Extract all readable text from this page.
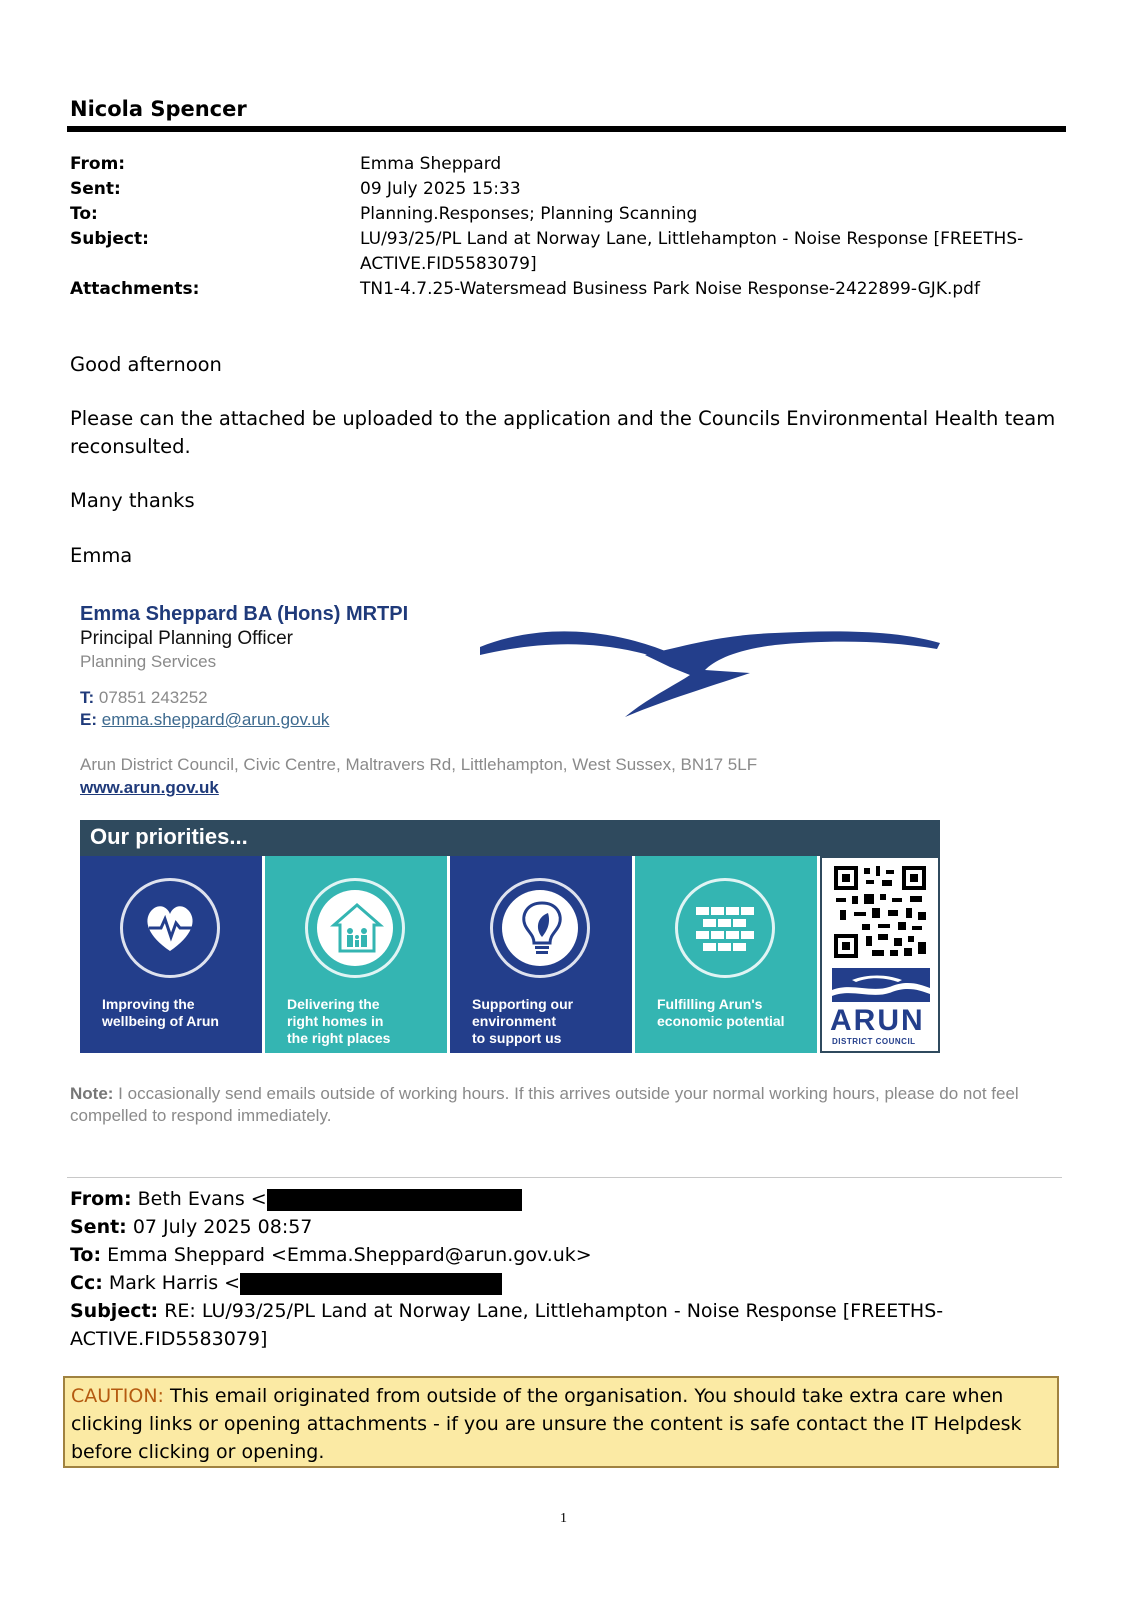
Nicola Spencer
From:	Emma Sheppard
Sent:	09 July 2025 15:33
To:	Planning.Responses; Planning Scanning
Subject:	LU/93/25/PL Land at Norway Lane, Littlehampton - Noise Response [FREETHS-ACTIVE.FID5583079]
Attachments:	TN1-4.7.25-Watersmead Business Park Noise Response-2422899-GJK.pdf
Good afternoon
Please can the attached be uploaded to the application and the Councils Environmental Health team reconsulted.
Many thanks
Emma
Emma Sheppard BA (Hons) MRTPI
Principal Planning Officer
Planning Services
T: 07851 243252
E: emma.sheppard@arun.gov.uk
Arun District Council, Civic Centre, Maltravers Rd, Littlehampton, West Sussex, BN17 5LF
www.arun.gov.uk
Our priorities...
Improving the
wellbeing of Arun
Delivering the
right homes in
the right places
Supporting our
environment
to support us
Fulfilling Arun's
economic potential ARUN
DISTRICT COUNCIL
Note: I occasionally send emails outside of working hours. If this arrives outside your normal working hours, please do not feel compelled to respond immediately.
From: Beth Evans <
Sent: 07 July 2025 08:57
To: Emma Sheppard <Emma.Sheppard@arun.gov.uk>
Cc: Mark Harris <
Subject: RE: LU/93/25/PL Land at Norway Lane, Littlehampton - Noise Response [FREETHS-ACTIVE.FID5583079]
CAUTION: This email originated from outside of the organisation. You should take extra care when clicking links or opening attachments - if you are unsure the content is safe contact the IT Helpdesk before clicking or opening.
1
